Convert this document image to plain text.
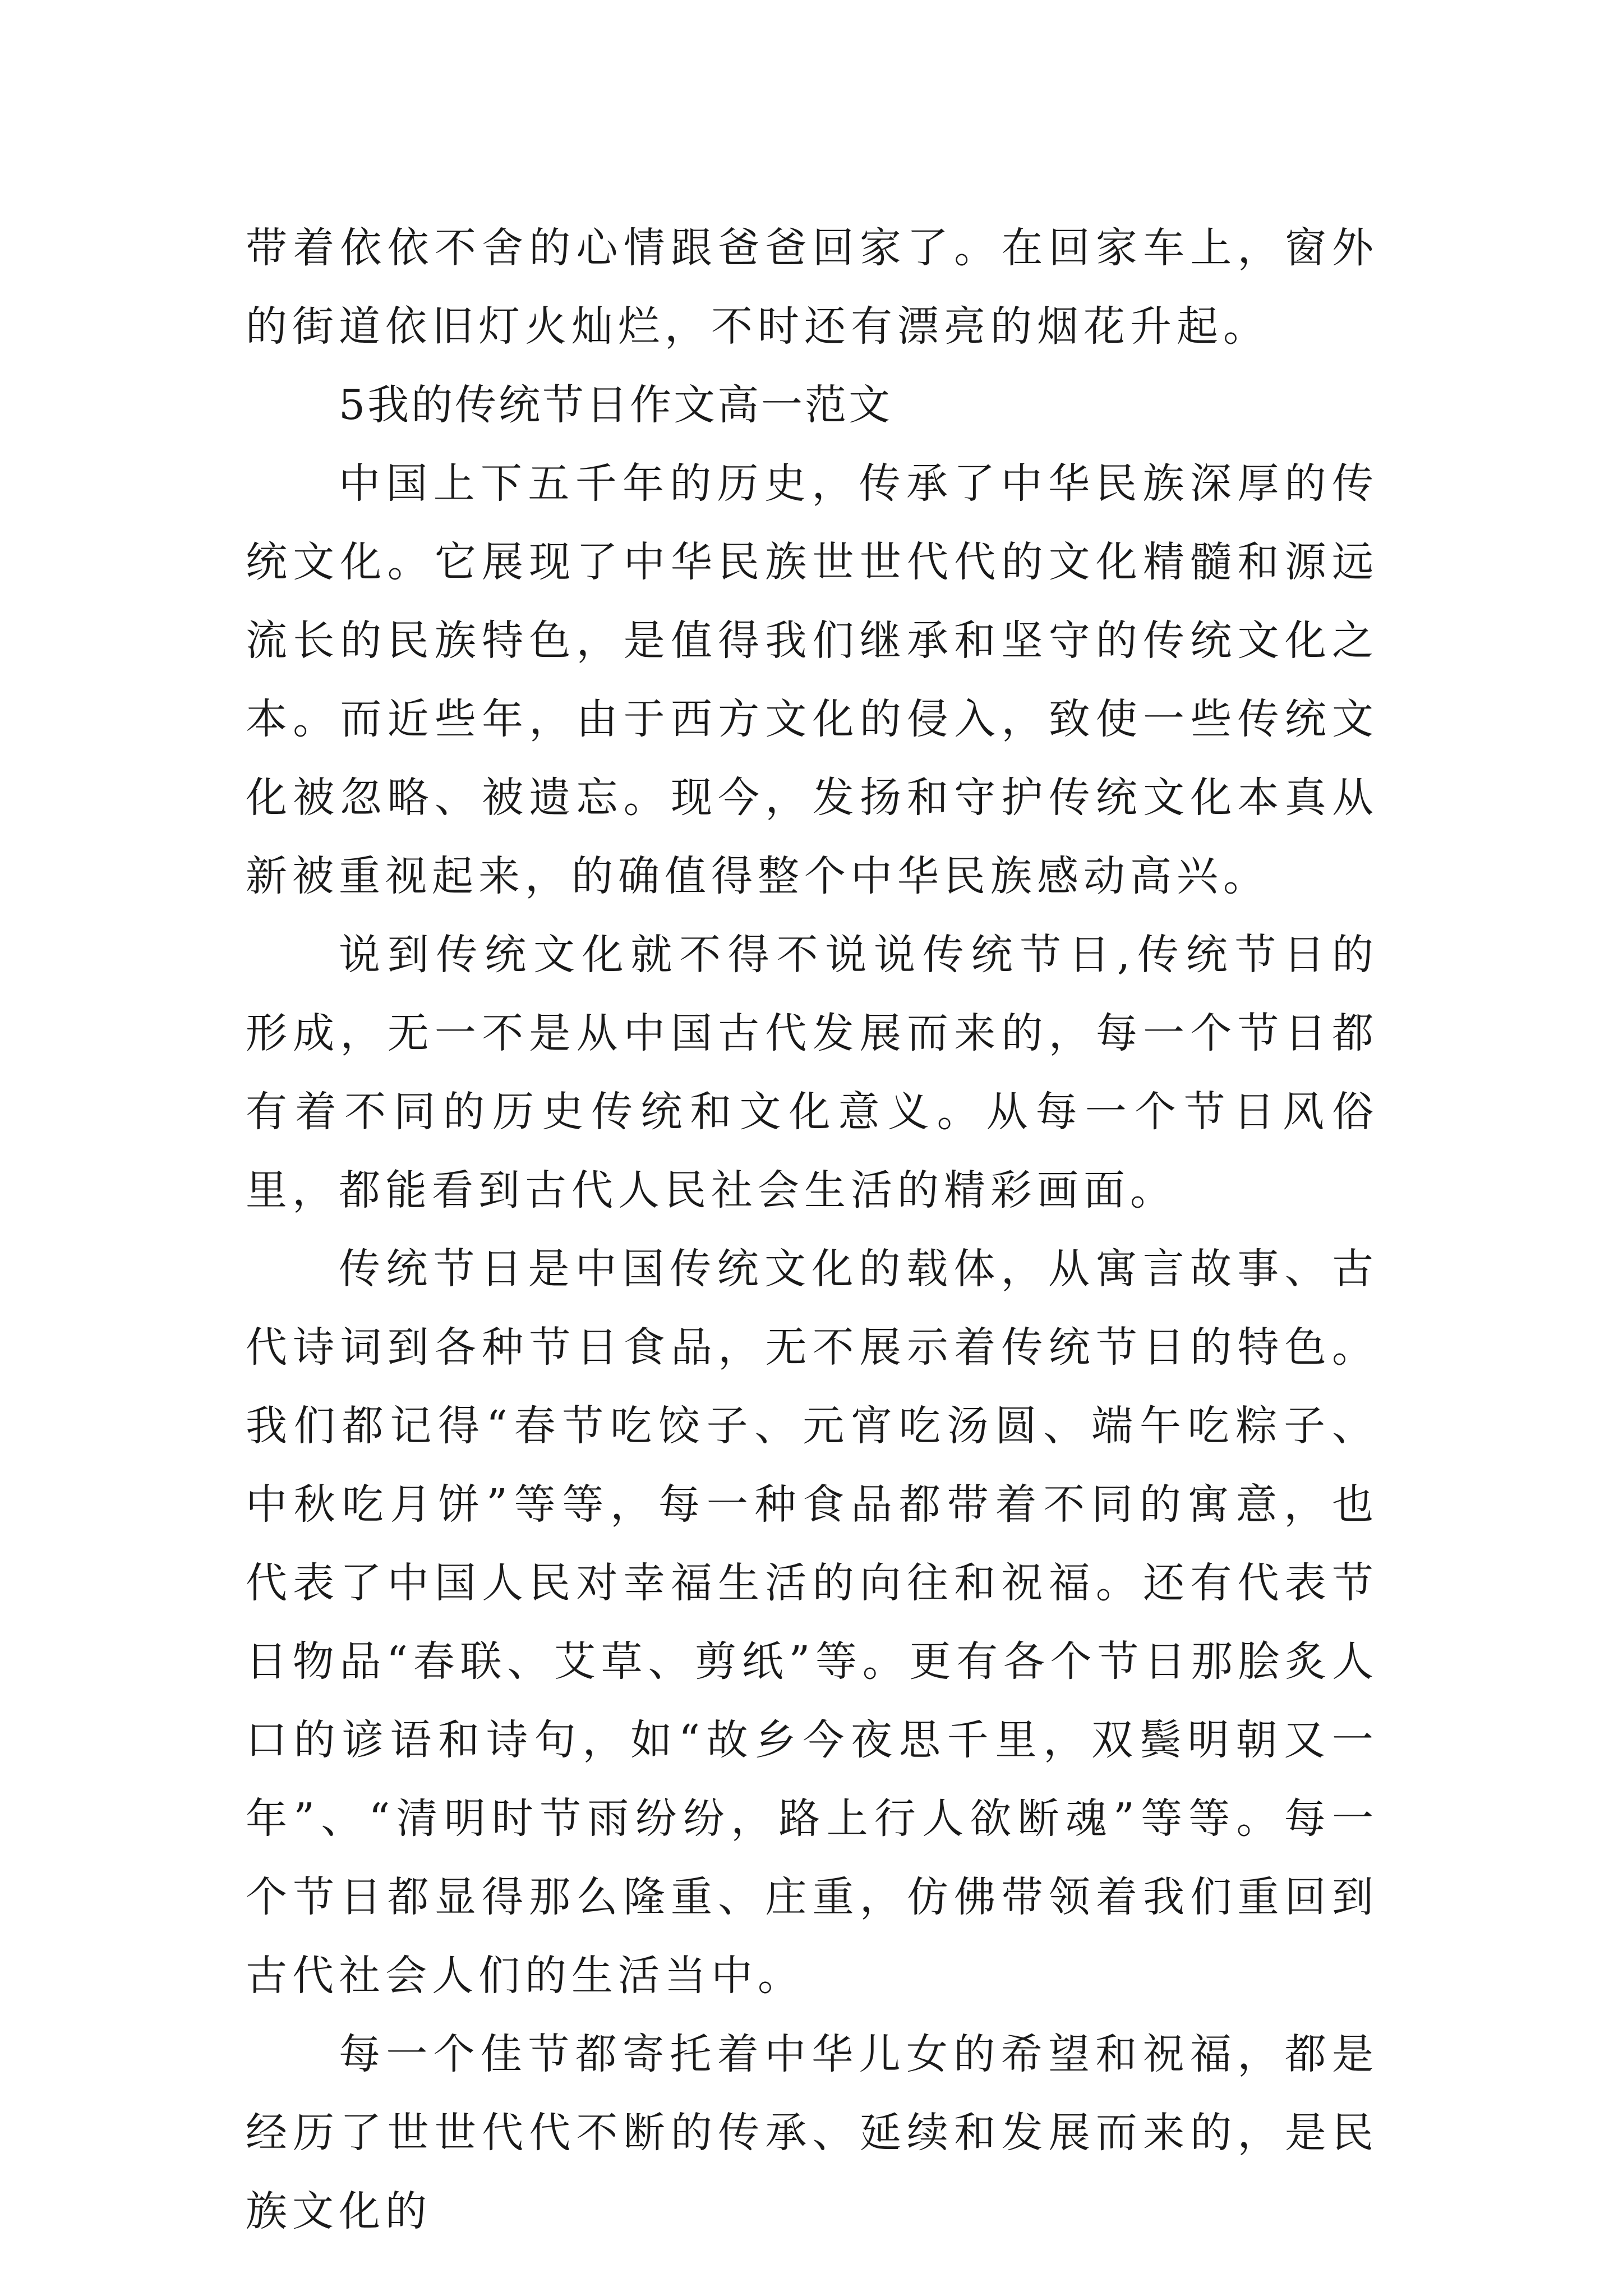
带着依依不舍的心情跟爸爸回家了。在回家车上，窗外的街道依旧灯火灿烂，不时还有漂亮的烟花升起。

5我的传统节日作文高一范文

中国上下五千年的历史，传承了中华民族深厚的传统文化。它展现了中华民族世世代代的文化精髓和源远流长的民族特色，是值得我们继承和坚守的传统文化之本。而近些年，由于西方文化的侵入，致使一些传统文化被忽略、被遗忘。现今，发扬和守护传统文化本真从新被重视起来，的确值得整个中华民族感动高兴。

说到传统文化就不得不说说传统节日,传统节日的形成，无一不是从中国古代发展而来的，每一个节日都有着不同的历史传统和文化意义。从每一个节日风俗里，都能看到古代人民社会生活的精彩画面。

传统节日是中国传统文化的载体，从寓言故事、古代诗词到各种节日食品，无不展示着传统节日的特色。我们都记得“春节吃饺子、元宵吃汤圆、端午吃粽子、中秋吃月饼”等等，每一种食品都带着不同的寓意，也代表了中国人民对幸福生活的向往和祝福。还有代表节日物品“春联、艾草、剪纸”等。更有各个节日那脍炙人口的谚语和诗句，如“故乡今夜思千里，双鬓明朝又一年”、“清明时节雨纷纷，路上行人欲断魂”等等。每一个节日都显得那么隆重、庄重，仿佛带领着我们重回到古代社会人们的生活当中。

每一个佳节都寄托着中华儿女的希望和祝福，都是经历了世世代代不断的传承、延续和发展而来的，是民族文化的
